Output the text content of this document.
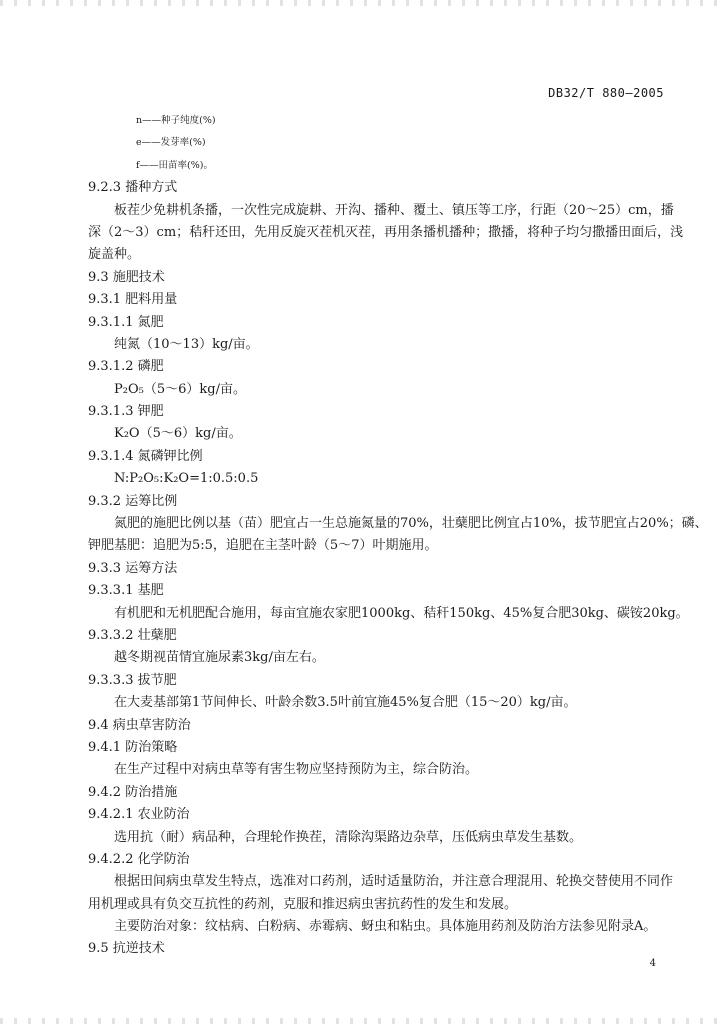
DB32/T 880—2005
n——种子纯度(%)
e——发芽率(%)
f——田苗率(%)。
9.2.3 播种方式
板茬少免耕机条播，一次性完成旋耕、开沟、播种、覆土、镇压等工序，行距（20～25）cm，播
深（2～3）cm；秸秆还田，先用反旋灭茬机灭茬，再用条播机播种；撒播，将种子均匀撒播田面后，浅
旋盖种。
9.3 施肥技术
9.3.1 肥料用量
9.3.1.1 氮肥
纯氮（10～13）kg/亩。
9.3.1.2 磷肥
P₂O₅（5～6）kg/亩。
9.3.1.3 钾肥
K₂O（5～6）kg/亩。
9.3.1.4 氮磷钾比例
N:P₂O₅:K₂O=1:0.5:0.5
9.3.2 运筹比例
氮肥的施肥比例以基（苗）肥宜占一生总施氮量的70%，壮蘖肥比例宜占10%，拔节肥宜占20%；磷、
钾肥基肥：追肥为5:5，追肥在主茎叶龄（5～7）叶期施用。
9.3.3 运筹方法
9.3.3.1 基肥
有机肥和无机肥配合施用，每亩宜施农家肥1000kg、秸秆150kg、45%复合肥30kg、碳铵20kg。
9.3.3.2 壮蘖肥
越冬期视苗情宜施尿素3kg/亩左右。
9.3.3.3 拔节肥
在大麦基部第1节间伸长、叶龄余数3.5叶前宜施45%复合肥（15～20）kg/亩。
9.4 病虫草害防治
9.4.1 防治策略
在生产过程中对病虫草等有害生物应坚持预防为主，综合防治。
9.4.2 防治措施
9.4.2.1 农业防治
选用抗（耐）病品种，合理轮作换茬，清除沟渠路边杂草，压低病虫草发生基数。
9.4.2.2 化学防治
根据田间病虫草发生特点，选准对口药剂，适时适量防治，并注意合理混用、轮换交替使用不同作
用机理或具有负交互抗性的药剂，克服和推迟病虫害抗药性的发生和发展。
主要防治对象：纹枯病、白粉病、赤霉病、蚜虫和粘虫。具体施用药剂及防治方法参见附录A。
9.5 抗逆技术
4
